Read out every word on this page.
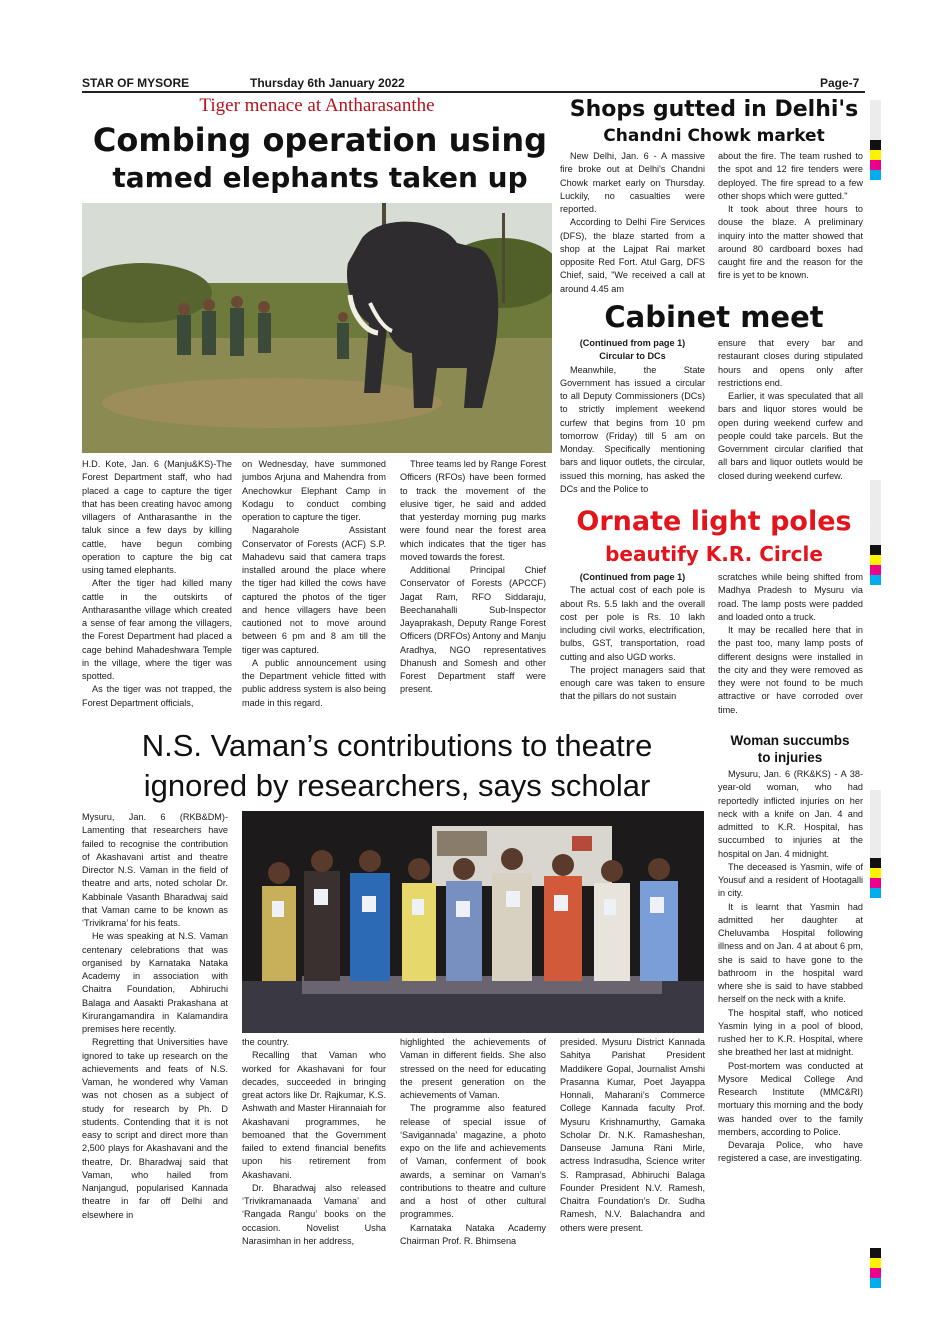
STAR OF MYSORE	Thursday 6th January 2022	Page-7
Tiger menace at Antharasanthe
Combing operation using
tamed elephants taken up

H.D. Kote, Jan. 6 (Manju&KS)-The Forest Department staff, who had placed a cage to capture the tiger that has been creating havoc among villagers of Antharasanthe in the taluk since a few days by killing cattle, have begun combing operation to capture the big cat using tamed elephants.

After the tiger had killed many cattle in the outskirts of Antharasanthe village which created a sense of fear among the villagers, the Forest Department had placed a cage behind Mahadeshwara Temple in the village, where the tiger was spotted.

As the tiger was not trapped, the Forest Department officials,

on Wednesday, have summoned jumbos Arjuna and Mahendra from Anechowkur Elephant Camp in Kodagu to conduct combing operation to capture the tiger.

Nagarahole Assistant Conservator of Forests (ACF) S.P. Mahadevu said that camera traps installed around the place where the tiger had killed the cows have captured the photos of the tiger and hence villagers have been cautioned not to move around between 6 pm and 8 am till the tiger was captured.

A public announcement using the Department vehicle fitted with public address system is also being made in this regard.

Three teams led by Range Forest Officers (RFOs) have been formed to track the movement of the elusive tiger, he said and added that yesterday morning pug marks were found near the forest area which indicates that the tiger has moved towards the forest.

Additional Principal Chief Conservator of Forests (APCCF) Jagat Ram, RFO Siddaraju, Beechanahalli Sub-Inspector Jayaprakash, Deputy Range Forest Officers (DRFOs) Antony and Manju Aradhya, NGO representatives Dhanush and Somesh and other Forest Department staff were present.

Shops gutted in Delhi's
Chandni Chowk market

New Delhi, Jan. 6 - A massive fire broke out at Delhi's Chandni Chowk market early on Thursday. Luckily, no casualties were reported.

According to Delhi Fire Services (DFS), the blaze started from a shop at the Lajpat Rai market opposite Red Fort. Atul Garg, DFS Chief, said, "We received a call at around 4.45 am

about the fire. The team rushed to the spot and 12 fire tenders were deployed. The fire spread to a few other shops which were gutted."

It took about three hours to douse the blaze. A preliminary inquiry into the matter showed that around 80 cardboard boxes had caught fire and the reason for the fire is yet to be known.

Cabinet meet

(Continued from page 1)

Circular to DCs

Meanwhile, the State Government has issued a circular to all Deputy Commissioners (DCs) to strictly implement weekend curfew that begins from 10 pm tomorrow (Friday) till 5 am on Monday. Specifically mentioning bars and liquor outlets, the circular, issued this morning, has asked the DCs and the Police to

ensure that every bar and restaurant closes during stipulated hours and opens only after restrictions end.

Earlier, it was speculated that all bars and liquor stores would be open during weekend curfew and people could take parcels. But the Government circular clarified that all bars and liquor outlets would be closed during weekend curfew.

Ornate light poles
beautify K.R. Circle

(Continued from page 1)

The actual cost of each pole is about Rs. 5.5 lakh and the overall cost per pole is Rs. 10 lakh including civil works, electrification, bulbs, GST, transportation, road cutting and also UGD works.

The project managers said that enough care was taken to ensure that the pillars do not sustain

scratches while being shifted from Madhya Pradesh to Mysuru via road. The lamp posts were padded and loaded onto a truck.

It may be recalled here that in the past too, many lamp posts of different designs were installed in the city and they were removed as they were not found to be much attractive or have corroded over time.

N.S. Vaman’s contributions to theatre
ignored by researchers, says scholar

Mysuru, Jan. 6 (RKB&DM)-Lamenting that researchers have failed to recognise the contribution of Akashavani artist and theatre Director N.S. Vaman in the field of theatre and arts, noted scholar Dr. Kabbinale Vasanth Bharadwaj said that Vaman came to be known as ‘Trivikrama’ for his feats.

He was speaking at N.S. Vaman centenary celebrations that was organised by Karnataka Nataka Academy in association with Chaitra Foundation, Abhiruchi Balaga and Aasakti Prakashana at Kirurangamandira in Kalamandira premises here recently.

Regretting that Universities have ignored to take up research on the achievements and feats of N.S. Vaman, he wondered why Vaman was not chosen as a subject of study for research by Ph. D students. Contending that it is not easy to script and direct more than 2,500 plays for Akashavani and the theatre, Dr. Bharadwaj said that Vaman, who hailed from Nanjangud, popularised Kannada theatre in far off Delhi and elsewhere in

the country.

Recalling that Vaman who worked for Akashavani for four decades, succeeded in bringing great actors like Dr. Rajkumar, K.S. Ashwath and Master Hirannaiah for Akashavani programmes, he bemoaned that the Government failed to extend financial benefits upon his retirement from Akashavani.

Dr. Bharadwaj also released ‘Trivikramanaada Vamana’ and ‘Rangada Rangu’ books on the occasion. Novelist Usha Narasimhan in her address,

highlighted the achievements of Vaman in different fields. She also stressed on the need for educating the present generation on the achievements of Vaman.

The programme also featured release of special issue of ‘Savigannada’ magazine, a photo expo on the life and achievements of Vaman, conferment of book awards, a seminar on Vaman’s contributions to theatre and culture and a host of other cultural programmes.

Karnataka Nataka Academy Chairman Prof. R. Bhimsena

presided. Mysuru District Kannada Sahitya Parishat President Maddikere Gopal, Journalist Amshi Prasanna Kumar, Poet Jayappa Honnali, Maharani’s Commerce College Kannada faculty Prof. Mysuru Krishnamurthy, Gamaka Scholar Dr. N.K. Ramasheshan, Danseuse Jamuna Rani Mirle, actress Indrasudha, Science writer S. Ramprasad, Abhiruchi Balaga Founder President N.V. Ramesh, Chaitra Foundation’s Dr. Sudha Ramesh, N.V. Balachandra and others were present.

Woman succumbs
to injuries

Mysuru, Jan. 6 (RK&KS) - A 38-year-old woman, who had reportedly inflicted injuries on her neck with a knife on Jan. 4 and admitted to K.R. Hospital, has succumbed to injuries at the hospital on Jan. 4 midnight.

The deceased is Yasmin, wife of Yousuf and a resident of Hootagalli in city.

It is learnt that Yasmin had admitted her daughter at Cheluvamba Hospital following illness and on Jan. 4 at about 6 pm, she is said to have gone to the bathroom in the hospital ward where she is said to have stabbed herself on the neck with a knife.

The hospital staff, who noticed Yasmin lying in a pool of blood, rushed her to K.R. Hospital, where she breathed her last at midnight.

Post-mortem was conducted at Mysore Medical College And Research Institute (MMC&RI) mortuary this morning and the body was handed over to the family members, according to Police.

Devaraja Police, who have registered a case, are investigating.
